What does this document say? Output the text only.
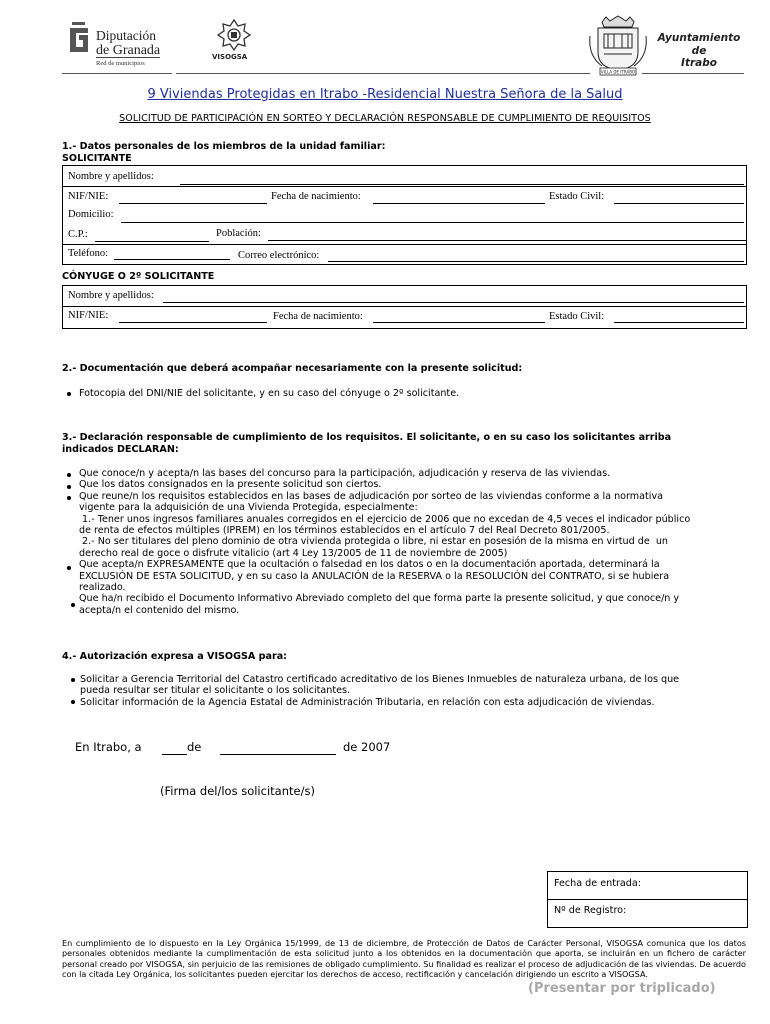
Diputación
de Granada
Red de municipios
VISOGSA
VILLA DE ITRABO
Ayuntamiento
de
Itrabo
9 Viviendas Protegidas en Itrabo -Residencial Nuestra Señora de la Salud
SOLICITUD DE PARTICIPACIÓN EN SORTEO Y DECLARACIÓN RESPONSABLE DE CUMPLIMIENTO DE REQUISITOS
1.- Datos personales de los miembros de la unidad familiar:
SOLICITANTE
Nombre y apellidos:
NIF/NIE:	Fecha de nacimiento:	Estado Civil:
Domicilio:
C.P.:	Población:
Teléfono:	Correo electrónico:
CÓNYUGE O 2º SOLICITANTE
Nombre y apellidos:
NIF/NIE:	Fecha de nacimiento:	Estado Civil:
2.- Documentación que deberá acompañar necesariamente con la presente solicitud:
Fotocopia del DNI/NIE del solicitante, y en su caso del cónyuge o 2º solicitante.
3.- Declaración responsable de cumplimiento de los requisitos. El solicitante, o en su caso los solicitantes arriba
indicados DECLARAN:
Que conoce/n y acepta/n las bases del concurso para la participación, adjudicación y reserva de las viviendas.
Que los datos consignados en la presente solicitud son ciertos.
Que reune/n los requisitos establecidos en las bases de adjudicación por sorteo de las viviendas conforme a la normativa
vigente para la adquisición de una Vivienda Protegida, especialmente:
1.- Tener unos ingresos familiares anuales corregidos en el ejercicio de 2006 que no excedan de 4,5 veces el indicador público
de renta de efectos múltiples (IPREM) en los términos establecidos en el artículo 7 del Real Decreto 801/2005.
2.- No ser titulares del pleno dominio de otra vivienda protegida o libre, ni estar en posesión de la misma en virtud de  un
derecho real de goce o disfrute vitalicio (art 4 Ley 13/2005 de 11 de noviembre de 2005)
Que acepta/n EXPRESAMENTE que la ocultación o falsedad en los datos o en la documentación aportada, determinará la
EXCLUSIÓN DE ESTA SOLICITUD, y en su caso la ANULACIÓN de la RESERVA o la RESOLUCIÓN del CONTRATO, si se hubiera
realizado.
Que ha/n recibido el Documento Informativo Abreviado completo del que forma parte la presente solicitud, y que conoce/n y
acepta/n el contenido del mismo.
4.- Autorización expresa a VISOGSA para:
Solicitar a Gerencia Territorial del Catastro certificado acreditativo de los Bienes Inmuebles de naturaleza urbana, de los que
pueda resultar ser titular el solicitante o los solicitantes.
Solicitar información de la Agencia Estatal de Administración Tributaria, en relación con esta adjudicación de viviendas.
En Itrabo, a	de	de 2007
(Firma del/los solicitante/s)
Fecha de entrada:
Nº de Registro:
En cumplimiento de lo dispuesto en la Ley Orgánica 15/1999, de 13 de diciembre, de Protección de Datos de Carácter Personal, VISOGSA comunica que los datos personales obtenidos mediante la cumplimentación de esta solicitud junto a los obtenidos en la documentación que aporta, se incluirán en un fichero de carácter personal creado por VISOGSA, sin perjuicio de las remisiones de obligado cumplimiento. Su finalidad es realizar el proceso de adjudicación de las viviendas. De acuerdo con la citada Ley Orgánica, los solicitantes pueden ejercitar los derechos de acceso, rectificación y cancelación dirigiendo un escrito a VISOGSA.
(Presentar por triplicado)
